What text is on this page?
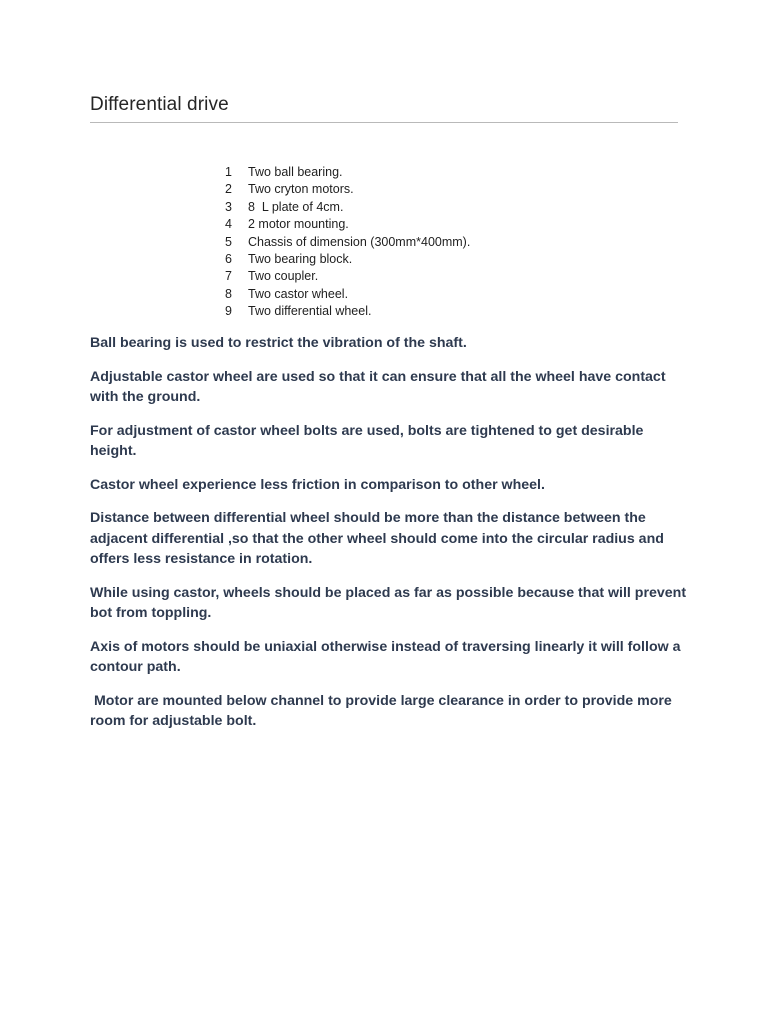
Differential drive
1 Two ball bearing.
2 Two cryton motors.
3 8  L plate of 4cm.
4 2 motor mounting.
5 Chassis of dimension (300mm*400mm).
6 Two bearing block.
7 Two coupler.
8 Two castor wheel.
9 Two differential wheel.

Ball bearing is used to restrict the vibration of the shaft.

Adjustable castor wheel are used so that it can ensure that all the wheel have contact with the ground.

For adjustment of castor wheel bolts are used, bolts are tightened to get desirable height.

Castor wheel experience less friction in comparison to other wheel.

Distance between differential wheel should be more than the distance between the adjacent differential ,so that the other wheel should come into the circular radius and offers less resistance in rotation.

While using castor, wheels should be placed as far as possible because that will prevent bot from toppling.

Axis of motors should be uniaxial otherwise instead of traversing linearly it will follow a contour path.

Motor are mounted below channel to provide large clearance in order to provide more room for adjustable bolt.
